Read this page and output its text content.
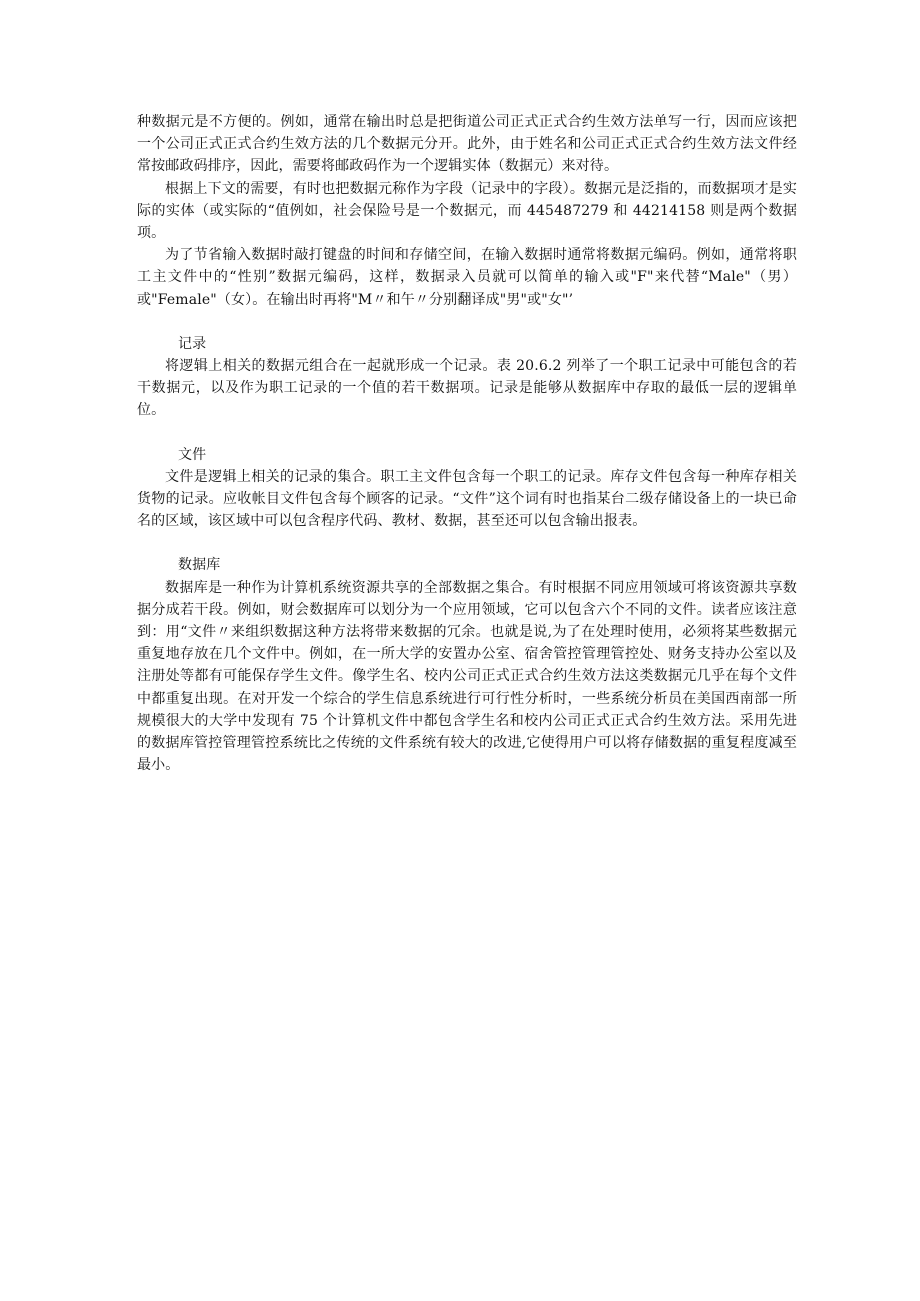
种数据元是不方便的。例如，通常在输出时总是把街道公司正式正式合约生效方法单写一行，因而应该把一个公司正式正式合约生效方法的几个数据元分开。此外，由于姓名和公司正式正式合约生效方法文件经常按邮政码排序，因此，需要将邮政码作为一个逻辑实体（数据元）来对待。

根据上下文的需要，有时也把数据元称作为字段（记录中的字段）。数据元是泛指的，而数据项才是实际的实体（或实际的“值例如，社会保险号是一个数据元，而 445487279 和 44214158 则是两个数据项。

为了节省输入数据时敲打键盘的时间和存储空间，在输入数据时通常将数据元编码。例如，通常将职工主文件中的“性别”数据元编码，这样，数据录入员就可以简单的输入或"F"来代替“Male"（男）或"Female"（女）。在输出时再将"M〃和午〃分别翻译成"男"或"女"’

记录

将逻辑上相关的数据元组合在一起就形成一个记录。表 20.6.2 列举了一个职工记录中可能包含的若干数据元，以及作为职工记录的一个值的若干数据项。记录是能够从数据库中存取的最低一层的逻辑单位。

文件

文件是逻辑上相关的记录的集合。职工主文件包含每一个职工的记录。库存文件包含每一种库存相关货物的记录。应收帐目文件包含每个顾客的记录。“文件”这个词有时也指某台二级存储设备上的一块已命名的区域，该区域中可以包含程序代码、教材、数据，甚至还可以包含输出报表。

数据库

数据库是一种作为计算机系统资源共享的全部数据之集合。有时根据不同应用领域可将该资源共享数据分成若干段。例如，财会数据库可以划分为一个应用领域，它可以包含六个不同的文件。读者应该注意到：用“文件〃来组织数据这种方法将带来数据的冗余。也就是说,为了在处理时使用，必须将某些数据元重复地存放在几个文件中。例如，在一所大学的安置办公室、宿舍管控管理管控处、财务支持办公室以及注册处等都有可能保存学生文件。像学生名、校内公司正式正式合约生效方法这类数据元几乎在每个文件中都重复出现。在对开发一个综合的学生信息系统进行可行性分析时，一些系统分析员在美国西南部一所规模很大的大学中发现有 75 个计算机文件中都包含学生名和校内公司正式正式合约生效方法。采用先进的数据库管控管理管控系统比之传统的文件系统有较大的改进,它使得用户可以将存储数据的重复程度减至最小。
